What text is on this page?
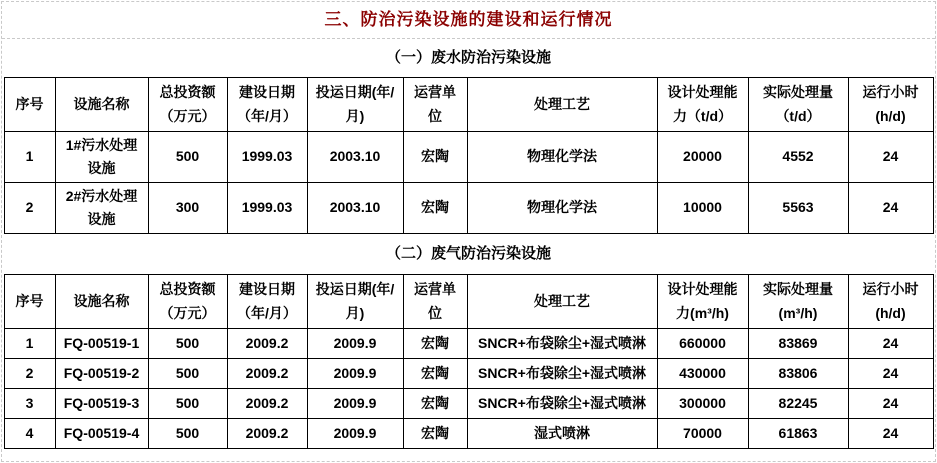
三、防治污染设施的建设和运行情况
（一）废水防治污染设施
序号	设施名称	总投资额（万元）	建设日期（年/月）	投运日期(年/月)	运营单位	处理工艺	设计处理能力（t/d）	实际处理量（t/d）	运行小时(h/d)
1	1#污水处理设施	500	1999.03	2003.10	宏陶	物理化学法	20000	4552	24
2	2#污水处理设施	300	1999.03	2003.10	宏陶	物理化学法	10000	5563	24
（二）废气防治污染设施
序号	设施名称	总投资额（万元）	建设日期（年/月）	投运日期(年/月)	运营单位	处理工艺	设计处理能力(m³/h)	实际处理量(m³/h)	运行小时(h/d)
1	FQ-00519-1	500	2009.2	2009.9	宏陶	SNCR+布袋除尘+湿式喷淋	660000	83869	24
2	FQ-00519-2	500	2009.2	2009.9	宏陶	SNCR+布袋除尘+湿式喷淋	430000	83806	24
3	FQ-00519-3	500	2009.2	2009.9	宏陶	SNCR+布袋除尘+湿式喷淋	300000	82245	24
4	FQ-00519-4	500	2009.2	2009.9	宏陶	湿式喷淋	70000	61863	24
